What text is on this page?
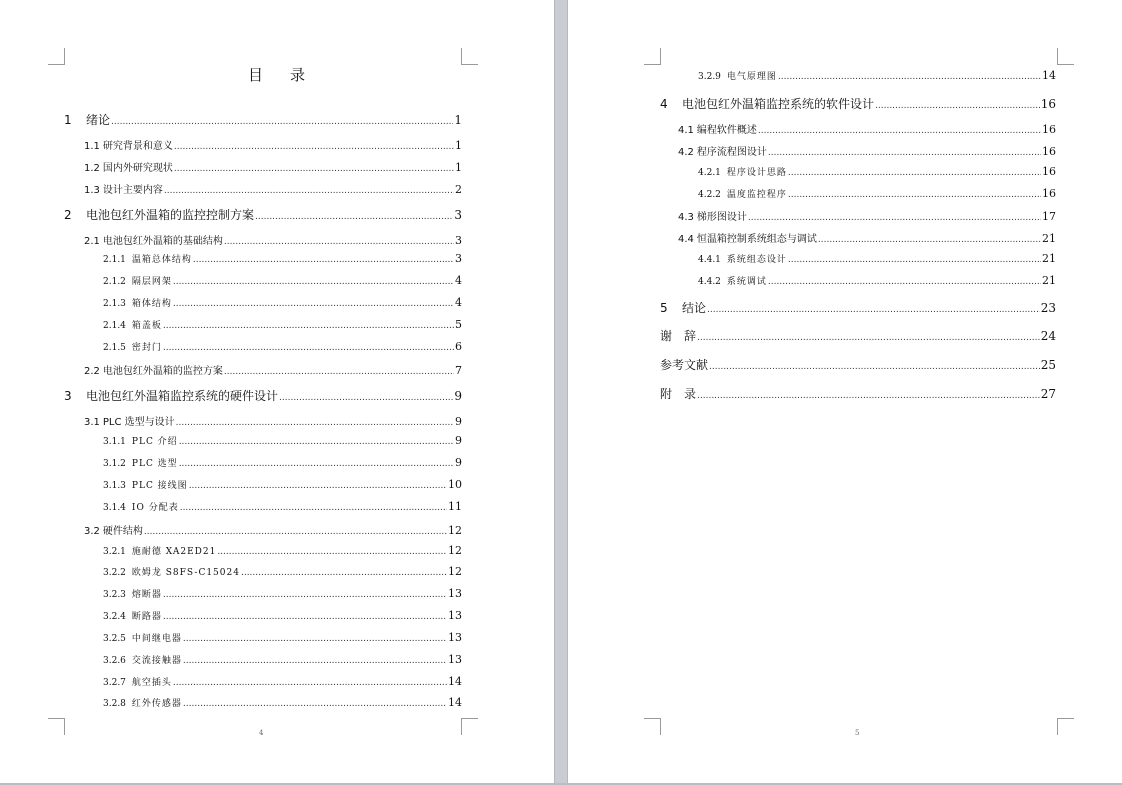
目 录
1	绪论 .....	1
1.1 研究背景和意义 .....	1
1.2 国内外研究现状 .....	1
1.3 设计主要内容 .....	2
2	电池包红外温箱的监控控制方案 .....	3
2.1 电池包红外温箱的基础结构 .....	3
2.1.1 温箱总体结构 .....	3
2.1.2 隔层网架 .....	4
2.1.3 箱体结构 .....	4
2.1.4 箱盖板 .....	5
2.1.5 密封门 .....	6
2.2 电池包红外温箱的监控方案 .....	7
3	电池包红外温箱监控系统的硬件设计 .....	9
3.1 PLC 选型与设计 .....	9
3.1.1 PLC 介绍 .....	9
3.1.2 PLC 选型 .....	9
3.1.3 PLC 接线图 .....	10
3.1.4 IO 分配表 .....	11
3.2 硬件结构 .....	12
3.2.1 施耐德 XA2ED21 .....	12
3.2.2 欧姆龙 S8FS-C15024 .....	12
3.2.3 熔断器 .....	13
3.2.4 断路器 .....	13
3.2.5 中间继电器 .....	13
3.2.6 交流接触器 .....	13
3.2.7 航空插头 .....	14
3.2.8 红外传感器 .....	14
4
3.2.9 电气原理图 .....	14
4	电池包红外温箱监控系统的软件设计 .....	16
4.1 编程软件概述 .....	16
4.2 程序流程图设计 .....	16
4.2.1 程序设计思路 .....	16
4.2.2 温度监控程序 .....	16
4.3 梯形图设计 .....	17
4.4 恒温箱控制系统组态与调试 .....	21
4.4.1 系统组态设计 .....	21
4.4.2 系统调试 .....	21
5	结论 .....	23
谢　辞 .....	24
参考文献 .....	25
附　录 .....	27
5
